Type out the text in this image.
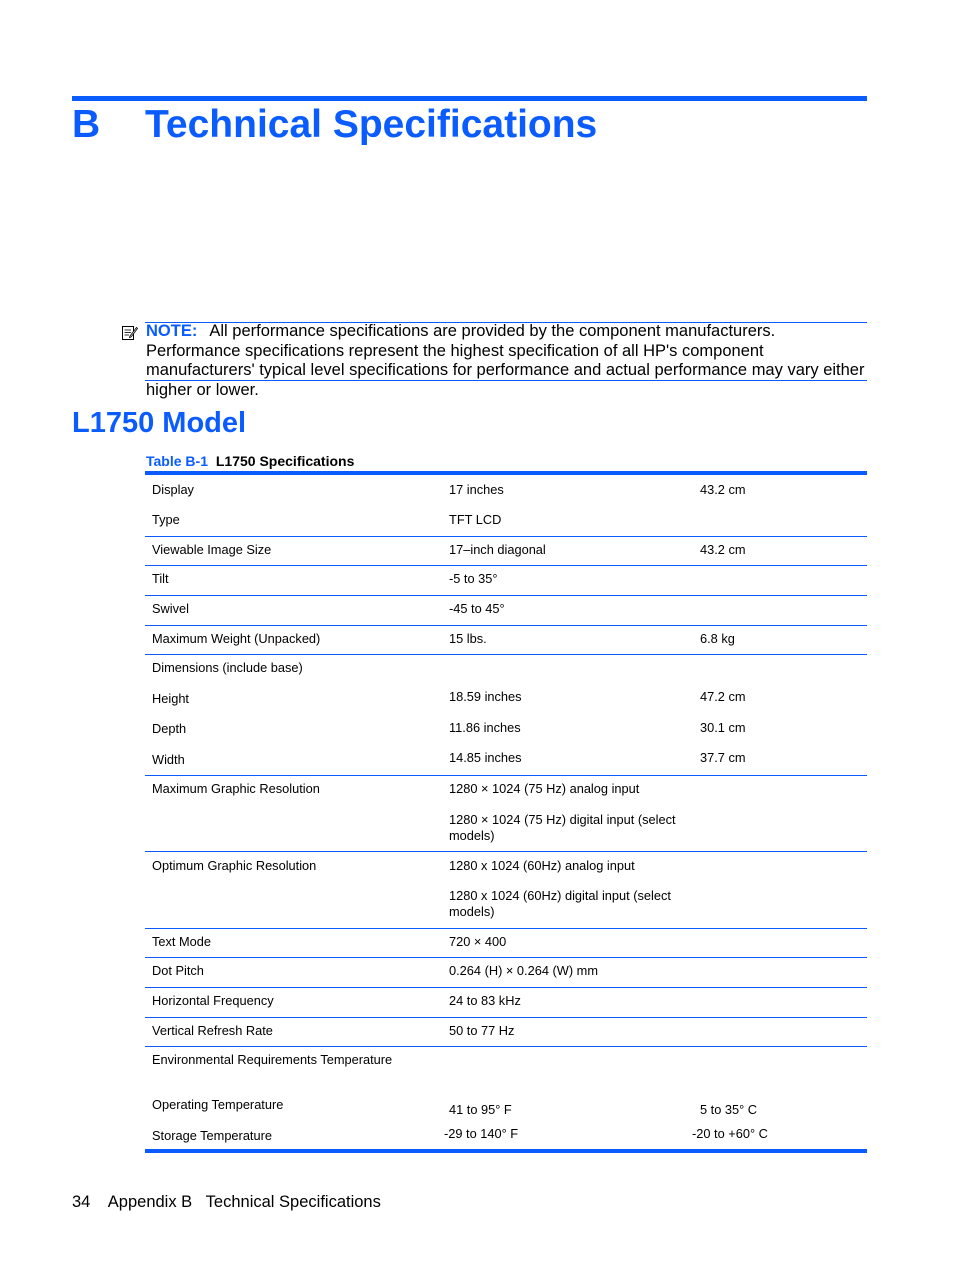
B Technical Specifications
NOTE: All performance specifications are provided by the component manufacturers. Performance specifications represent the highest specification of all HP's component manufacturers' typical level specifications for performance and actual performance may vary either higher or lower.
L1750 Model
Table B-1 L1750 Specifications
Display	17 inches	43.2 cm
Type	TFT LCD
Viewable Image Size	17–inch diagonal	43.2 cm
Tilt	-5 to 35°
Swivel	-45 to 45°
Maximum Weight (Unpacked)	15 lbs.	6.8 kg
Dimensions (include base)
Height	18.59 inches	47.2 cm
Depth	11.86 inches	30.1 cm
Width	14.85 inches	37.7 cm
Maximum Graphic Resolution	1280 × 1024 (75 Hz) analog input
1280 × 1024 (75 Hz) digital input (select models)
Optimum Graphic Resolution	1280 x 1024 (60Hz) analog input
1280 x 1024 (60Hz) digital input (select models)
Text Mode	720 × 400
Dot Pitch	0.264 (H) × 0.264 (W) mm
Horizontal Frequency	24 to 83 kHz
Vertical Refresh Rate	50 to 77 Hz
Environmental Requirements Temperature
Operating Temperature	41 to 95° F	5 to 35° C
Storage Temperature	-29 to 140° F	-20 to +60° C
34 Appendix B Technical Specifications
